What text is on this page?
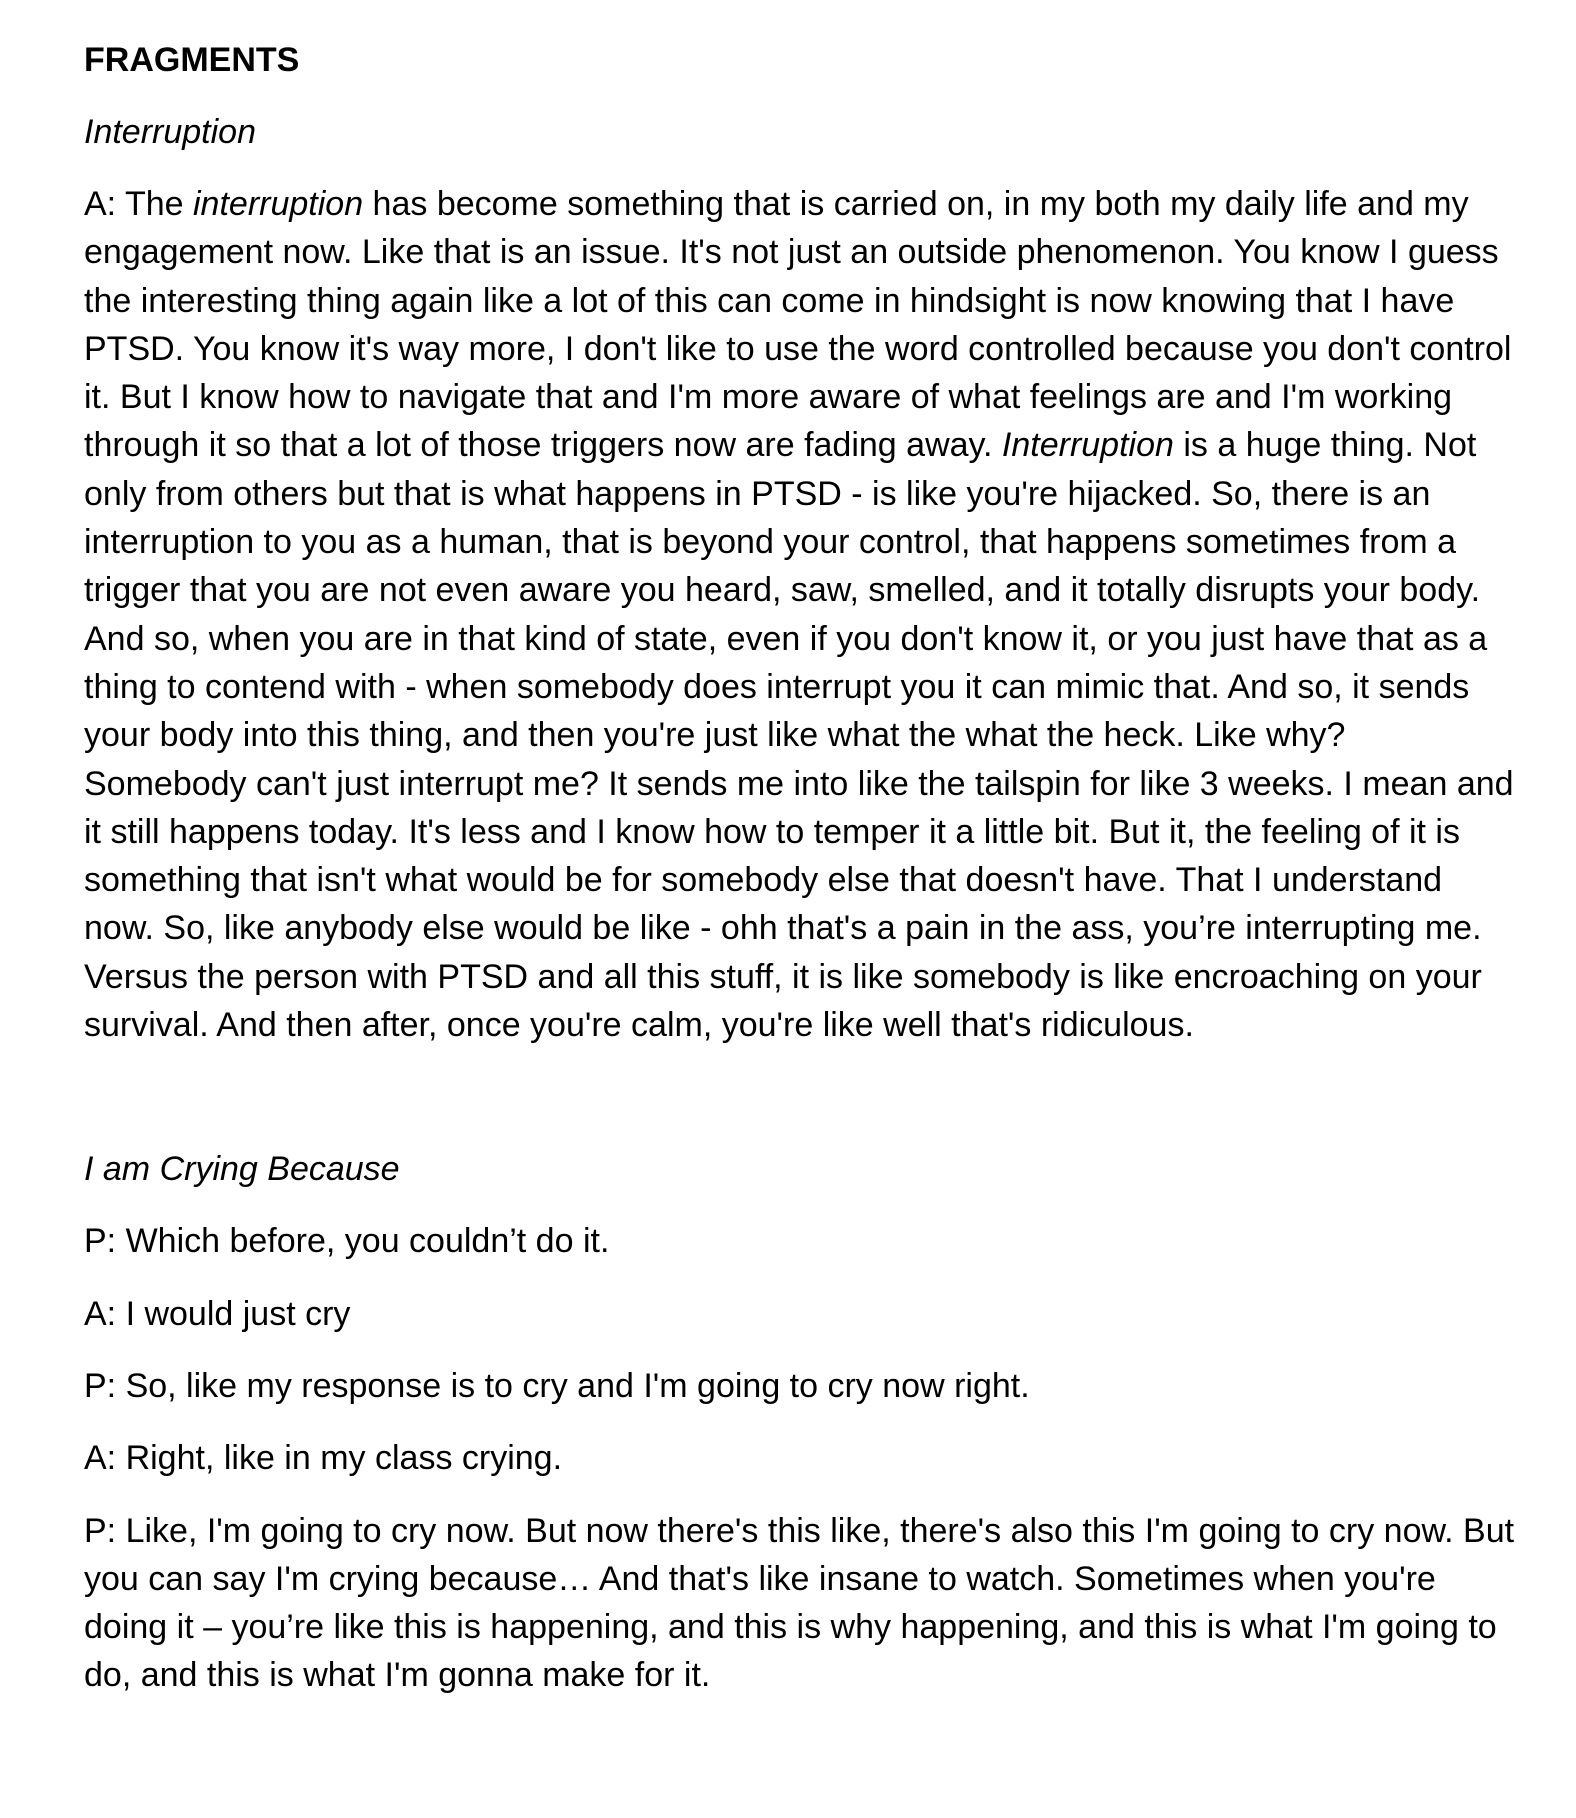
FRAGMENTS
Interruption

A: The interruption has become something that is carried on, in my both my daily life and my engagement now. Like that is an issue. It's not just an outside phenomenon. You know I guess the interesting thing again like a lot of this can come in hindsight is now knowing that I have PTSD. You know it's way more, I don't like to use the word controlled because you don't control it. But I know how to navigate that and I'm more aware of what feelings are and I'm working through it so that a lot of those triggers now are fading away. Interruption is a huge thing. Not only from others but that is what happens in PTSD - is like you're hijacked. So, there is an interruption to you as a human, that is beyond your control, that happens sometimes from a trigger that you are not even aware you heard, saw, smelled, and it totally disrupts your body. And so, when you are in that kind of state, even if you don't know it, or you just have that as a thing to contend with - when somebody does interrupt you it can mimic that. And so, it sends your body into this thing, and then you're just like what the what the heck. Like why? Somebody can't just interrupt me? It sends me into like the tailspin for like 3 weeks. I mean and it still happens today. It's less and I know how to temper it a little bit. But it, the feeling of it is something that isn't what would be for somebody else that doesn't have. That I understand now. So, like anybody else would be like - ohh that's a pain in the ass, you’re interrupting me. Versus the person with PTSD and all this stuff, it is like somebody is like encroaching on your survival. And then after, once you're calm, you're like well that's ridiculous.

I am Crying Because

P: Which before, you couldn’t do it.

A: I would just cry

P: So, like my response is to cry and I'm going to cry now right.

A: Right, like in my class crying.

P: Like, I'm going to cry now. But now there's this like, there's also this I'm going to cry now. But you can say I'm crying because… And that's like insane to watch. Sometimes when you're doing it – you’re like this is happening, and this is why happening, and this is what I'm going to do, and this is what I'm gonna make for it.
